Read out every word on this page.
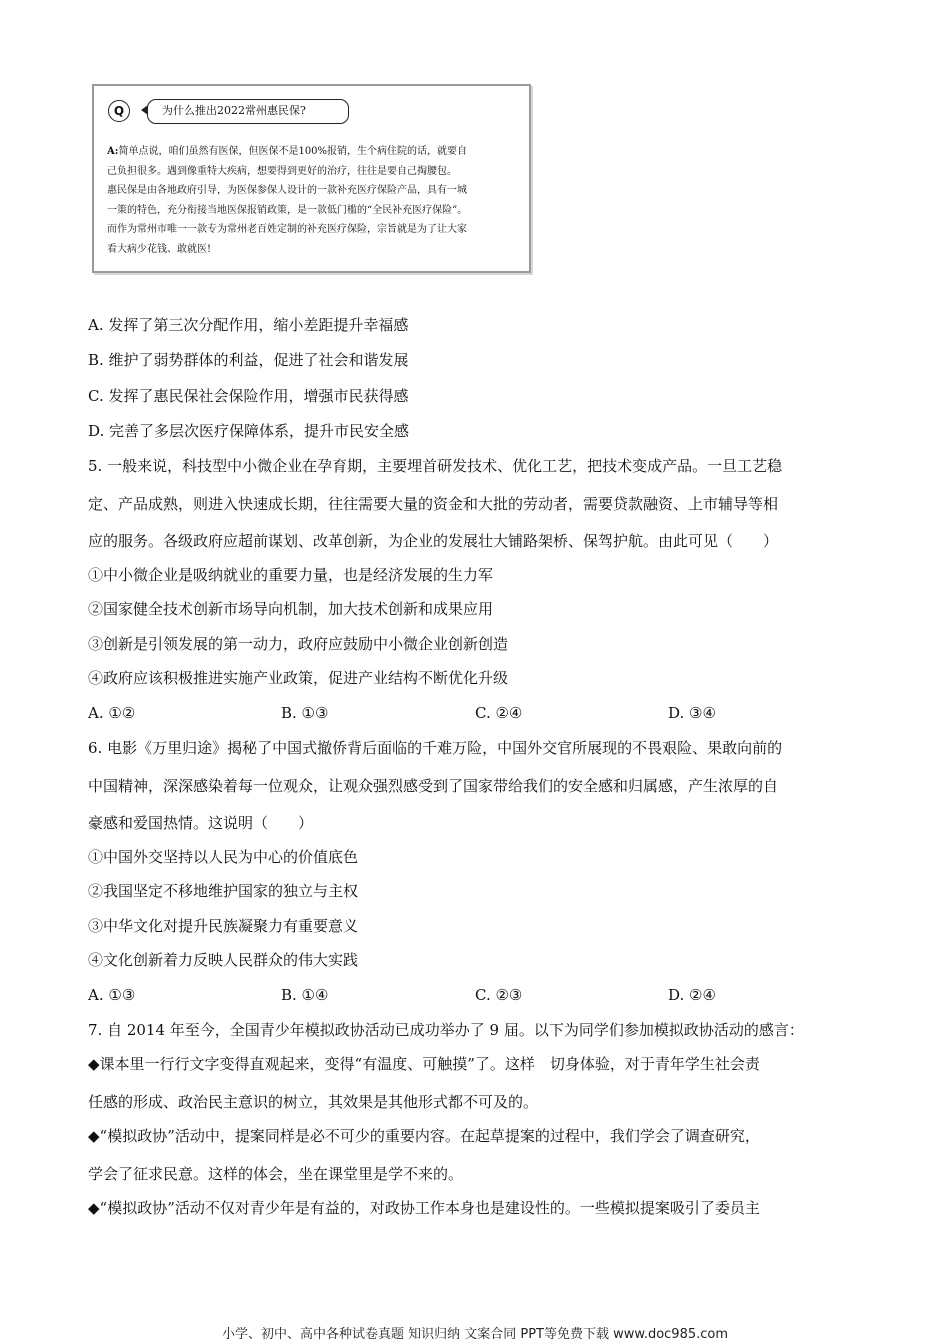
Q	为什么推出2022常州惠民保?
A:简单点说，咱们虽然有医保，但医保不是100%报销，生个病住院的话，就要自
己负担很多。遇到像重特大疾病，想要得到更好的治疗，往往是要自己掏腰包。
惠民保是由各地政府引导，为医保参保人设计的一款补充医疗保险产品，具有一城
一策的特色，充分衔接当地医保报销政策，是一款低门槛的“全民补充医疗保险”。
而作为常州市唯一一款专为常州老百姓定制的补充医疗保险，宗旨就是为了让大家
看大病少花钱、敢就医!
A. 发挥了第三次分配作用，缩小差距提升幸福感
B. 维护了弱势群体的利益，促进了社会和谐发展
C. 发挥了惠民保社会保险作用，增强市民获得感
D. 完善了多层次医疗保障体系，提升市民安全感
5. 一般来说，科技型中小微企业在孕育期，主要埋首研发技术、优化工艺，把技术变成产品。一旦工艺稳
定、产品成熟，则进入快速成长期，往往需要大量的资金和大批的劳动者，需要贷款融资、上市辅导等相
应的服务。各级政府应超前谋划、改革创新，为企业的发展壮大铺路架桥、保驾护航。由此可见（　　）
①中小微企业是吸纳就业的重要力量，也是经济发展的生力军
②国家健全技术创新市场导向机制，加大技术创新和成果应用
③创新是引领发展的第一动力，政府应鼓励中小微企业创新创造
④政府应该积极推进实施产业政策，促进产业结构不断优化升级
A. ①②	B. ①③	C. ②④	D. ③④
6. 电影《万里归途》揭秘了中国式撤侨背后面临的千难万险，中国外交官所展现的不畏艰险、果敢向前的
中国精神，深深感染着每一位观众，让观众强烈感受到了国家带给我们的安全感和归属感，产生浓厚的自
豪感和爱国热情。这说明（　　）
①中国外交坚持以人民为中心的价值底色
②我国坚定不移地维护国家的独立与主权
③中华文化对提升民族凝聚力有重要意义
④文化创新着力反映人民群众的伟大实践
A. ①③	B. ①④	C. ②③	D. ②④
7. 自 2014 年至今，全国青少年模拟政协活动已成功举办了 9 届。以下为同学们参加模拟政协活动的感言：
◆课本里一行行文字变得直观起来，变得“有温度、可触摸”了。这样　切身体验，对于青年学生社会责
任感的形成、政治民主意识的树立，其效果是其他形式都不可及的。
◆“模拟政协”活动中，提案同样是必不可少的重要内容。在起草提案的过程中，我们学会了调查研究，
学会了征求民意。这样的体会，坐在课堂里是学不来的。
◆“模拟政协”活动不仅对青少年是有益的，对政协工作本身也是建设性的。一些模拟提案吸引了委员主
小学、初中、高中各种试卷真题 知识归纳 文案合同 PPT等免费下载 www.doc985.com
